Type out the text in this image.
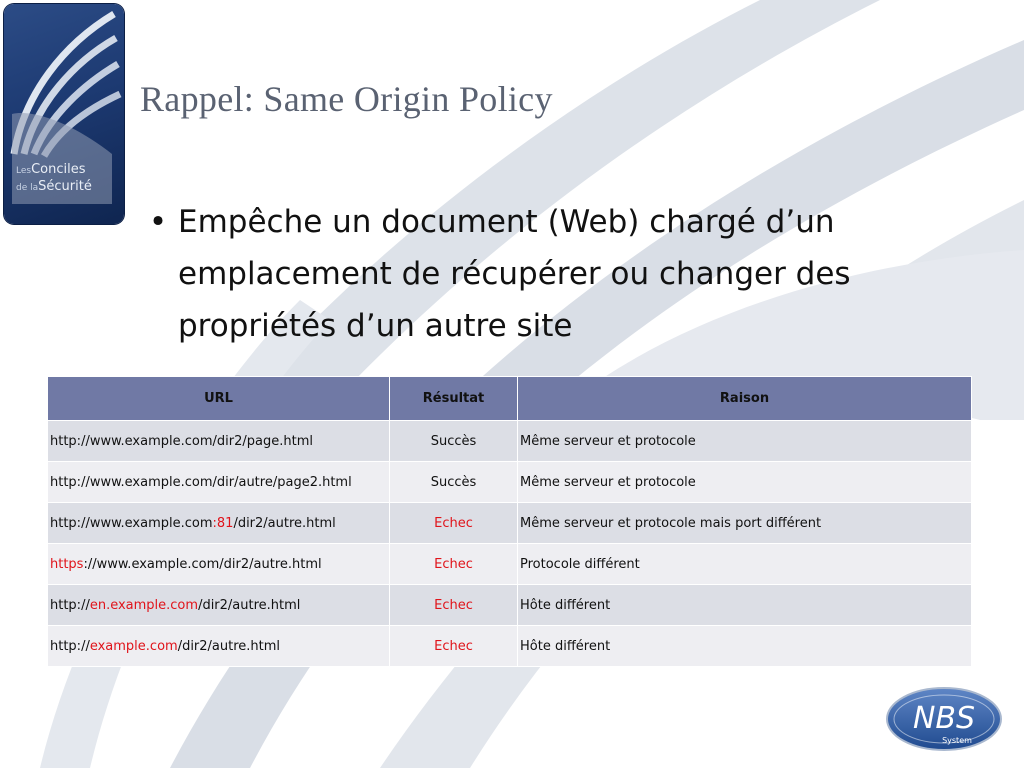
LesConciles
de laSécurité
Rappel: Same Origin Policy
• Empêche un document (Web) chargé d’un emplacement de récupérer ou changer des propriétés d’un autre site
URL	Résultat	Raison
http://www.example.com/dir2/page.html	Succès	Même serveur et protocole
http://www.example.com/dir/autre/page2.html	Succès	Même serveur et protocole
http://www.example.com:81/dir2/autre.html	Echec	Même serveur et protocole mais port différent
https://www.example.com/dir2/autre.html	Echec	Protocole différent
http://en.example.com/dir2/autre.html	Echec	Hôte différent
http://example.com/dir2/autre.html	Echec	Hôte différent
NBS
System
